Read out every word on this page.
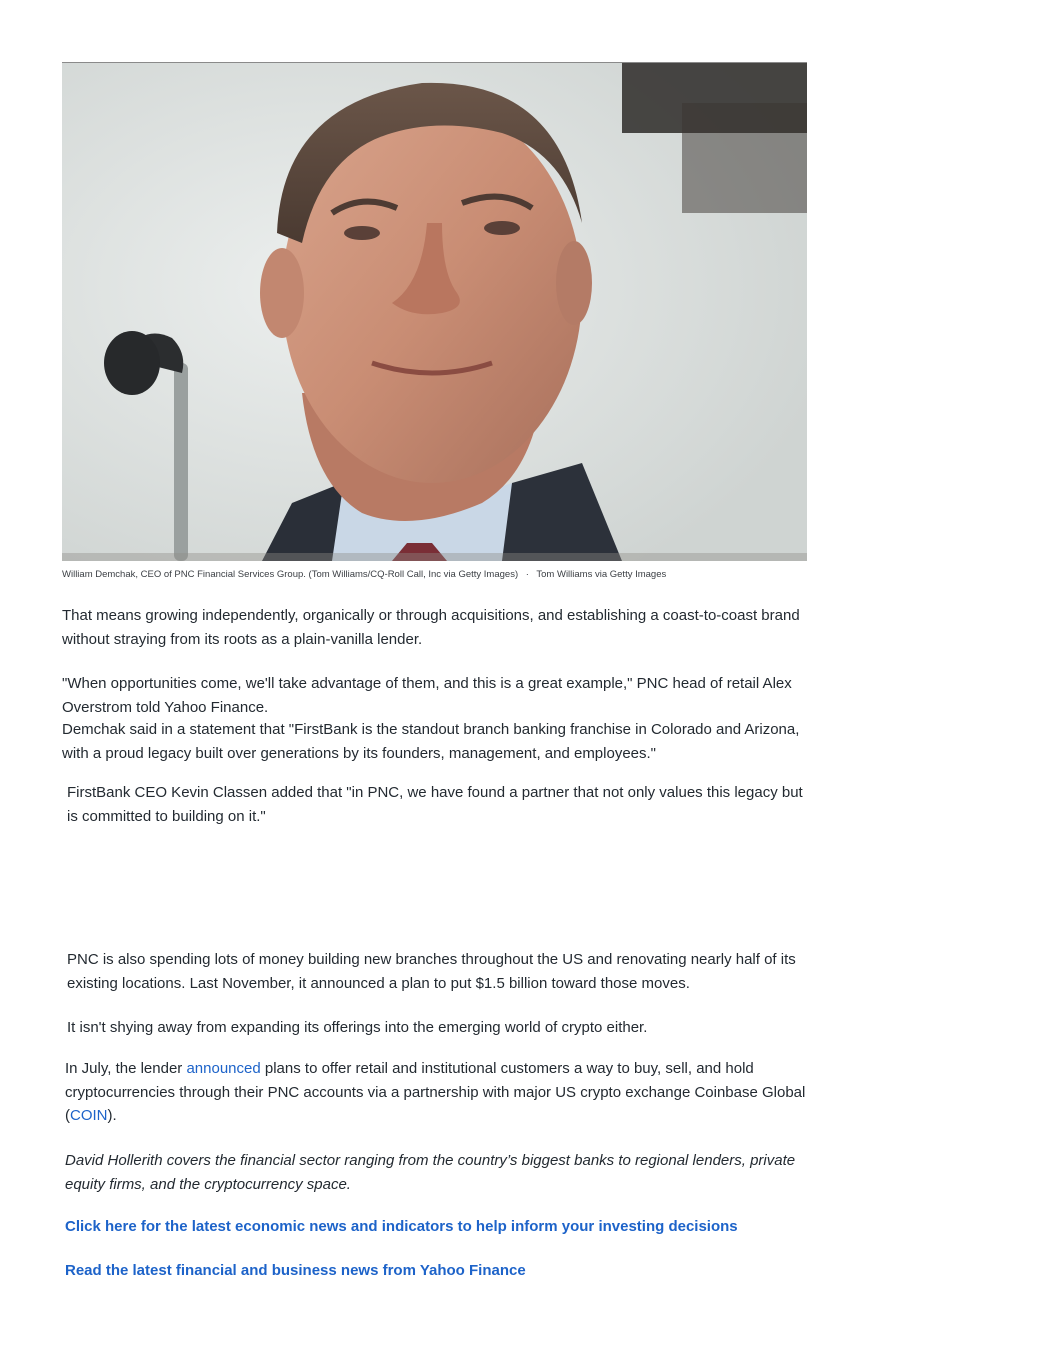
William Demchak, CEO of PNC Financial Services Group. (Tom Williams/CQ-Roll Call, Inc via Getty Images) · Tom Williams via Getty Images

That means growing independently, organically or through acquisitions, and establishing a coast-to-coast brand without straying from its roots as a plain-vanilla lender.

"When opportunities come, we'll take advantage of them, and this is a great example," PNC head of retail Alex Overstrom told Yahoo Finance.

Demchak said in a statement that "FirstBank is the standout branch banking franchise in Colorado and Arizona, with a proud legacy built over generations by its founders, management, and employees."

FirstBank CEO Kevin Classen added that "in PNC, we have found a partner that not only values this legacy but is committed to building on it."

PNC is also spending lots of money building new branches throughout the US and renovating nearly half of its existing locations. Last November, it announced a plan to put $1.5 billion toward those moves.

It isn't shying away from expanding its offerings into the emerging world of crypto either.

In July, the lender announced plans to offer retail and institutional customers a way to buy, sell, and hold cryptocurrencies through their PNC accounts via a partnership with major US crypto exchange Coinbase Global (COIN).

David Hollerith covers the financial sector ranging from the country’s biggest banks to regional lenders, private equity firms, and the cryptocurrency space.

Click here for the latest economic news and indicators to help inform your investing decisions
Read the latest financial and business news from Yahoo Finance
